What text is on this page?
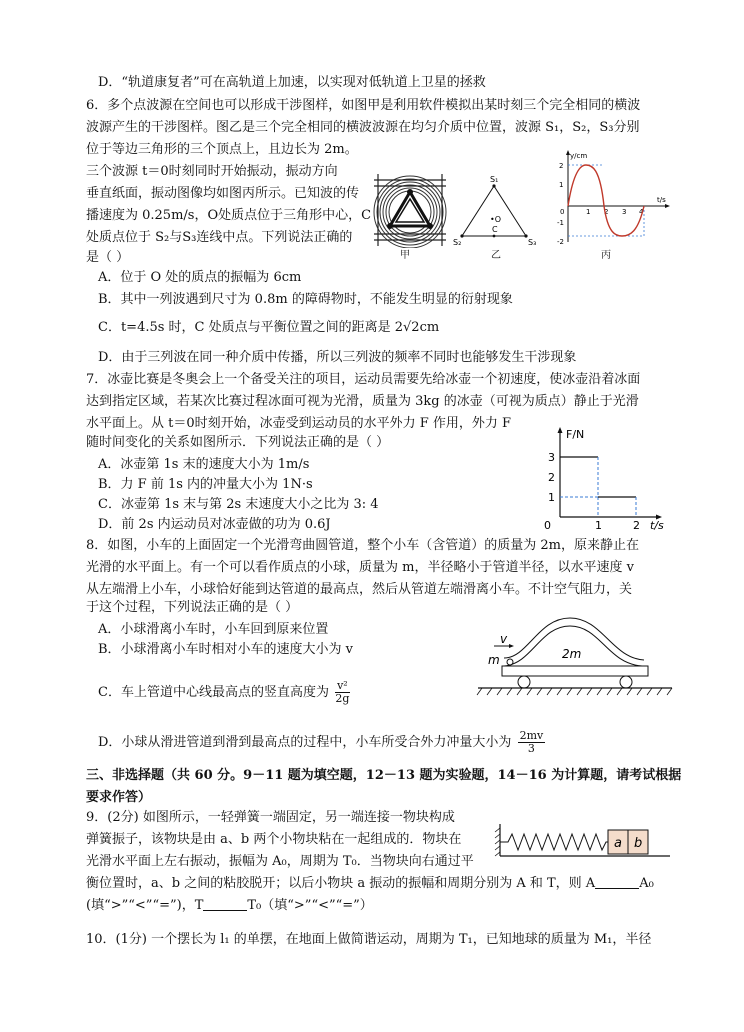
D．“轨道康复者”可在高轨道上加速，以实现对低轨道上卫星的拯救
6．多个点波源在空间也可以形成干涉图样，如图甲是利用软件模拟出某时刻三个完全相同的横波
波源产生的干涉图样。图乙是三个完全相同的横波波源在均匀介质中位置，波源 S₁，S₂，S₃分别
位于等边三角形的三个顶点上，且边长为 2m。
三个波源 t＝0时刻同时开始振动，振动方向
垂直纸面，振动图像均如图丙所示。已知波的传
播速度为 0.25m/s，O处质点位于三角形中心，C
处质点位于 S₂与S₃连线中点。下列说法正确的
是（ ）	甲
S₁
S₂	S₃
•O
C
乙
y/cm
t/s
2
1
0
-1
-2
1 2 3 4
丙
A．位于 O 处的质点的振幅为 6cm
B．其中一列波遇到尺寸为 0.8m 的障碍物时，不能发生明显的衍射现象
C．t=4.5s 时，C 处质点与平衡位置之间的距离是 2√2cm
D．由于三列波在同一种介质中传播，所以三列波的频率不同时也能够发生干涉现象
7．冰壶比赛是冬奥会上一个备受关注的项目，运动员需要先给冰壶一个初速度，使冰壶沿着冰面
达到指定区域，若某次比赛过程冰面可视为光滑，质量为 3kg 的冰壶（可视为质点）静止于光滑
水平面上。从 t＝0时刻开始，冰壶受到运动员的水平外力 F 作用，外力 F
随时间变化的关系如图所示．下列说法正确的是（ ）
A．冰壶第 1s 末的速度大小为 1m/s
B．力 F 前 1s 内的冲量大小为 1N·s
C．冰壶第 1s 末与第 2s 末速度大小之比为 3: 4
D．前 2s 内运动员对冰壶做的功为 0.6J
F/N
t/s
1
2
3
0	1	2
8．如图，小车的上面固定一个光滑弯曲圆管道，整个小车（含管道）的质量为 2m，原来静止在
光滑的水平面上。有一个可以看作质点的小球，质量为 m，半径略小于管道半径，以水平速度 v
从左端滑上小车，小球恰好能到达管道的最高点，然后从管道左端滑离小车。不计空气阻力，关
于这个过程，下列说法正确的是（ ）
A．小球滑离小车时，小车回到原来位置
B．小球滑离小车时相对小车的速度大小为 v
C．车上管道中心线最高点的竖直高度为 $\frac{\text{v²}}{2g}$
D．小球从滑进管道到滑到最高点的过程中，小车所受合外力冲量大小为 $\frac{2mv}{3}$
v
m	2m
三、非选择题（共 60 分。9－11 题为填空题，12－13 题为实验题，14－16 为计算题，请考试根据
要求作答）
9．(2分) 如图所示，一轻弹簧一端固定，另一端连接一物块构成
弹簧振子，该物块是由 a、b 两个小物块粘在一起组成的．物块在
光滑水平面上左右振动，振幅为 A₀，周期为 T₀．当物块向右通过平
衡位置时，a、b 之间的粘胶脱开；以后小物块 a 振动的振幅和周期分别为 A 和 T，则 A	A₀
(填“>”“<”“=”)，T	T₀（填“>”“<”“=”）
a b
10．(1分) 一个摆长为 l₁ 的单摆，在地面上做简谐运动，周期为 T₁，已知地球的质量为 M₁，半径
